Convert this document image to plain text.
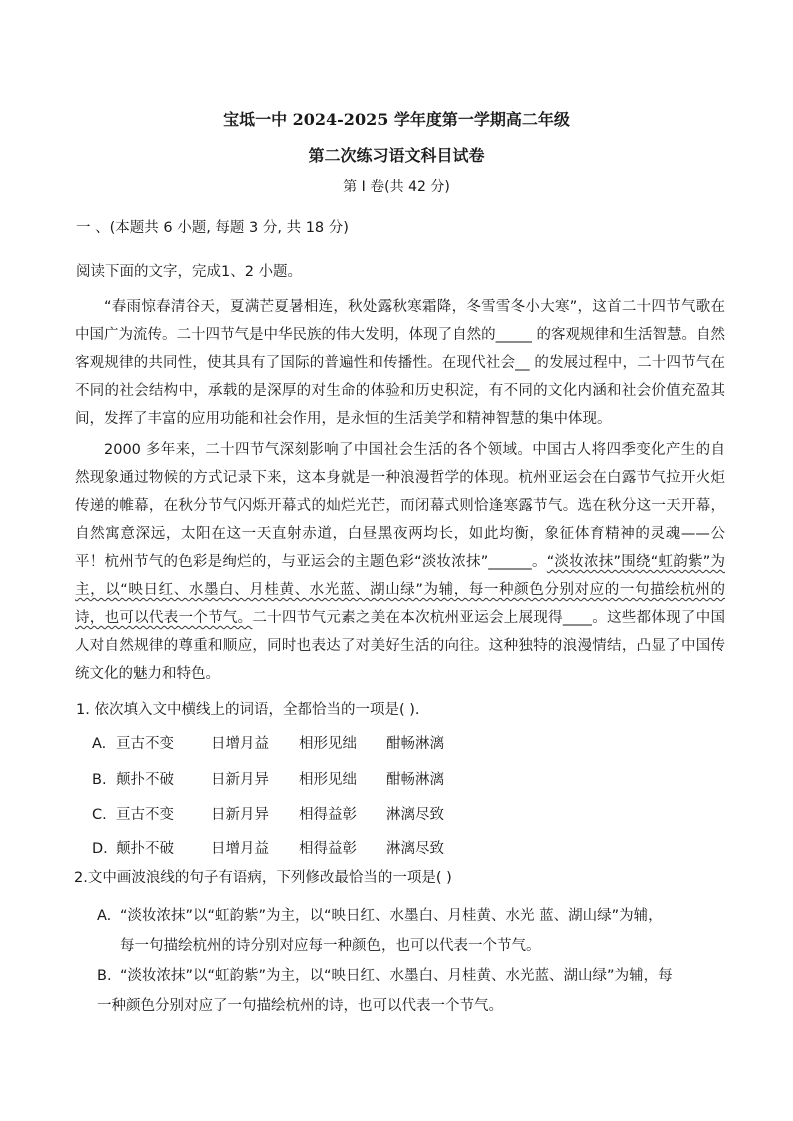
宝坻一中 2024-2025 学年度第一学期高二年级
第二次练习语文科目试卷
第 I 卷(共 42 分)
一 、(本题共 6 小题, 每题 3 分, 共 18 分)
阅读下面的文字，完成1、2 小题。
“春雨惊春清谷天，夏满芒夏暑相连，秋处露秋寒霜降，冬雪雪冬小大寒”，这首二十四节气歌在中国广为流传。二十四节气是中华民族的伟大发明，体现了自然的_____ 的客观规律和生活智慧。自然客观规律的共同性，使其具有了国际的普遍性和传播性。在现代社会__ 的发展过程中，二十四节气在不同的社会结构中，承载的是深厚的对生命的体验和历史积淀，有不同的文化内涵和社会价值充盈其间，发挥了丰富的应用功能和社会作用，是永恒的生活美学和精神智慧的集中体现。
2000 多年来，二十四节气深刻影响了中国社会生活的各个领域。中国古人将四季变化产生的自然现象通过物候的方式记录下来，这本身就是一种浪漫哲学的体现。杭州亚运会在白露节气拉开火炬传递的帷幕，在秋分节气闪烁开幕式的灿烂光芒，而闭幕式则恰逢寒露节气。选在秋分这一天开幕，自然寓意深远，太阳在这一天直射赤道，白昼黑夜两均长，如此均衡，象征体育精神的灵魂——公平！杭州节气的色彩是绚烂的，与亚运会的主题色彩“淡妆浓抹”______。“淡妆浓抹”围绕“虹韵紫”为主，以“映日红、水墨白、月桂黄、水光蓝、湖山绿”为辅，每一种颜色分别对应的一句描绘杭州的诗，也可以代表一个节气。二十四节气元素之美在本次杭州亚运会上展现得____。这些都体现了中国人对自然规律的尊重和顺应，同时也表达了对美好生活的向往。这种独特的浪漫情结，凸显了中国传统文化的魅力和特色。
1. 依次填入文中横线上的词语，全都恰当的一项是( ).
A. 亘古不变	日增月益 相形见绌 酣畅淋漓
B. 颠扑不破	日新月异 相形见绌 酣畅淋漓
C. 亘古不变	日新月异 相得益彰 淋漓尽致
D. 颠扑不破	日增月益 相得益彰 淋漓尽致
2.文中画波浪线的句子有语病，下列修改最恰当的一项是( )
A. “淡妆浓抹”以“虹韵紫”为主，以“映日红、水墨白、月桂黄、水光 蓝、湖山绿”为辅，
每一句描绘杭州的诗分别对应每一种颜色，也可以代表一个节气。
B. “淡妆浓抹”以“虹韵紫”为主，以“映日红、水墨白、月桂黄、水光蓝、湖山绿”为辅，每
一种颜色分别对应了一句描绘杭州的诗，也可以代表一个节气。
